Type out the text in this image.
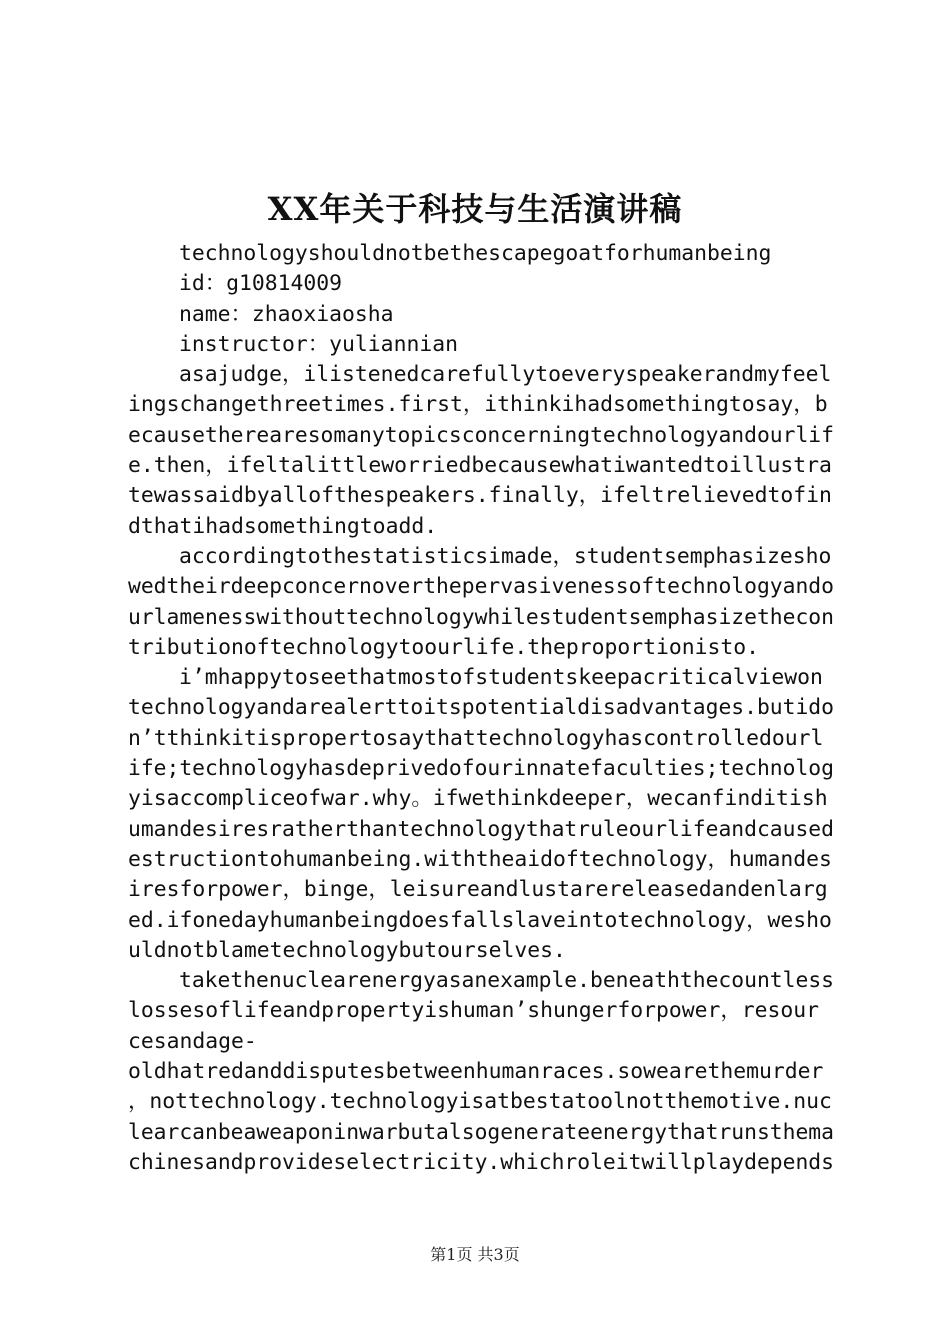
XX年关于科技与生活演讲稿
technologyshouldnotbethescapegoatforhumanbeing
id：g10814009
name：zhaoxiaosha
instructor：yuliannian
asajudge，ilistenedcarefullytoeveryspeakerandmyfeel
ingschangethreetimes.first，ithinkihadsomethingtosay，b
ecausetherearesomanytopicsconcerningtechnologyandourlif
e.then，ifeltalittleworriedbecausewhatiwantedtoillustra
tewassaidbyallofthespeakers.finally，ifeltrelievedtofin
dthatihadsomethingtoadd.
accordingtothestatisticsimade，studentsemphasizesho
wedtheirdeepconcernoverthepervasivenessoftechnologyando
urlamenesswithouttechnologywhilestudentsemphasizethecon
tributionoftechnologytoourlife.theproportionisto.
i’mhappytoseethatmostofstudentskeepacriticalviewon
technologyandarealerttoitspotentialdisadvantages.butido
n’tthinkitispropertosaythattechnologyhascontrolledourl
ife;technologyhasdeprivedofourinnatefaculties;technolog
yisaccompliceofwar.why。ifwethinkdeeper，wecanfinditish
umandesiresratherthantechnologythatruleourlifeandcaused
estructiontohumanbeing.withtheaidoftechnology，humandes
iresforpower，binge，leisureandlustarereleasedandenlarg
ed.ifonedayhumanbeingdoesfallslaveintotechnology，wesho
uldnotblametechnologybutourselves.
takethenuclearenergyasanexample.beneaththecountless
lossesoflifeandpropertyishuman’shungerforpower，resour
cesandage-
oldhatredanddisputesbetweenhumanraces.sowearethemurder
，nottechnology.technologyisatbestatoolnotthemotive.nuc
learcanbeaweaponinwarbutalsogenerateenergythatrunsthema
chinesandprovideselectricity.whichroleitwillplaydepends
第1页 共3页
